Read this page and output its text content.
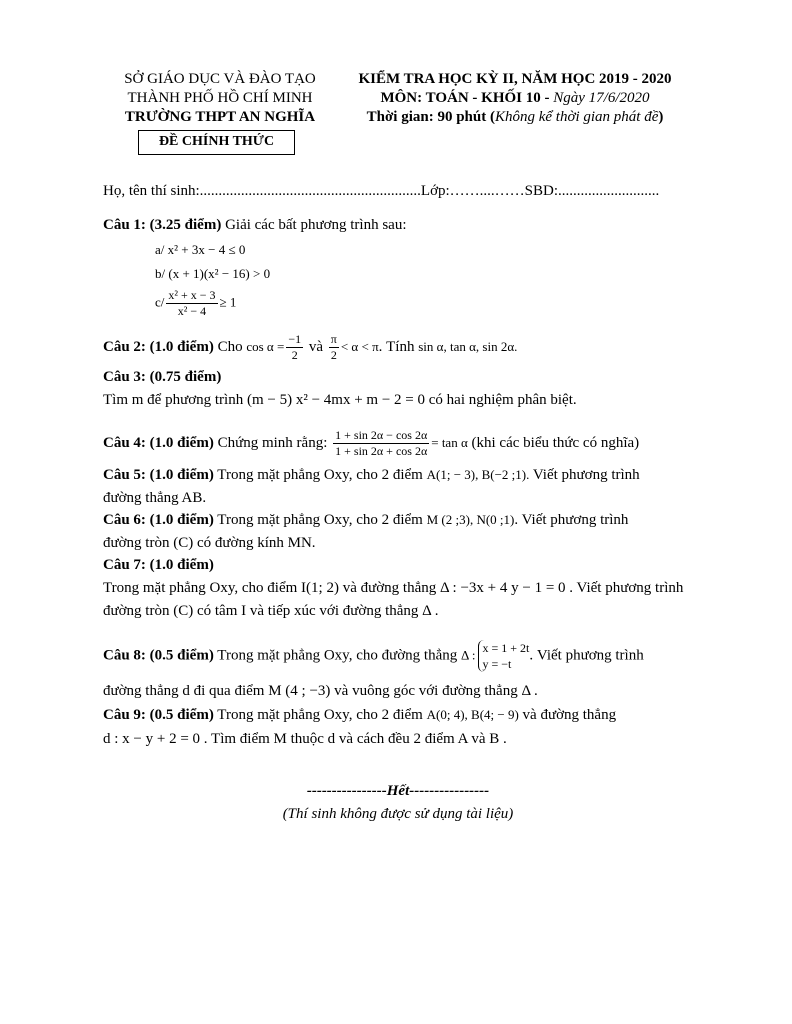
SỞ GIÁO DỤC VÀ ĐÀO TẠO
THÀNH PHỐ HỒ CHÍ MINH
TRƯỜNG THPT AN NGHĨA
ĐỀ CHÍNH THỨC
KIỂM TRA HỌC KỲ II, NĂM HỌC 2019 - 2020
MÔN: TOÁN - KHỐI 10 - Ngày 17/6/2020
Thời gian: 90 phút (Không kể thời gian phát đề)
Họ, tên thí sinh:...........................................................Lớp:……....……SBD:...........................
Câu 1: (3.25 điểm) Giải các bất phương trình sau:
a/ x² + 3x − 4 ≤ 0
b/ (x + 1)(x² − 16) > 0
$c/ \frac{\text{x² + x − 3}}{\text{x² − 4}} \ge 1$
Câu 2: (1.0 điểm) Cho $\cos \alpha = \frac{-1}{2}$ và $\frac{\pi}{2} < \alpha < \pi$. Tính sin α, tan α, sin 2α.
Câu 3: (0.75 điểm)
Tìm m để phương trình (m − 5) x² − 4mx + m − 2 = 0 có hai nghiệm phân biệt.
Câu 4: (1.0 điểm) Chứng minh rằng: $\frac{1 + \sin 2\alpha - \cos 2\alpha}{1 + \sin 2\alpha + \cos 2\alpha} = \tan \alpha$ (khi các biểu thức có nghĩa)
Câu 5: (1.0 điểm) Trong mặt phẳng Oxy, cho 2 điểm A(1; − 3), B(−2 ;1). Viết phương trình
đường thẳng AB.
Câu 6: (1.0 điểm) Trong mặt phẳng Oxy, cho 2 điểm M (2 ;3), N(0 ;1). Viết phương trình
đường tròn (C) có đường kính MN.
Câu 7: (1.0 điểm)
Trong mặt phẳng Oxy, cho điểm I(1; 2) và đường thẳng Δ : −3x + 4 y − 1 = 0 . Viết phương trình
đường tròn (C) có tâm I và tiếp xúc với đường thẳng Δ .
Câu 8: (0.5 điểm) Trong mặt phẳng Oxy, cho đường thẳng Δ : x = 1 + 2t
y = −t
. Viết phương trình
đường thẳng d đi qua điểm M (4 ; −3) và vuông góc với đường thẳng Δ .
Câu 9: (0.5 điểm) Trong mặt phẳng Oxy, cho 2 điểm A(0; 4), B(4; − 9) và đường thẳng
d : x − y + 2 = 0 . Tìm điểm M thuộc d và cách đều 2 điểm A và B .
----------------Hết----------------
(Thí sinh không được sử dụng tài liệu)
